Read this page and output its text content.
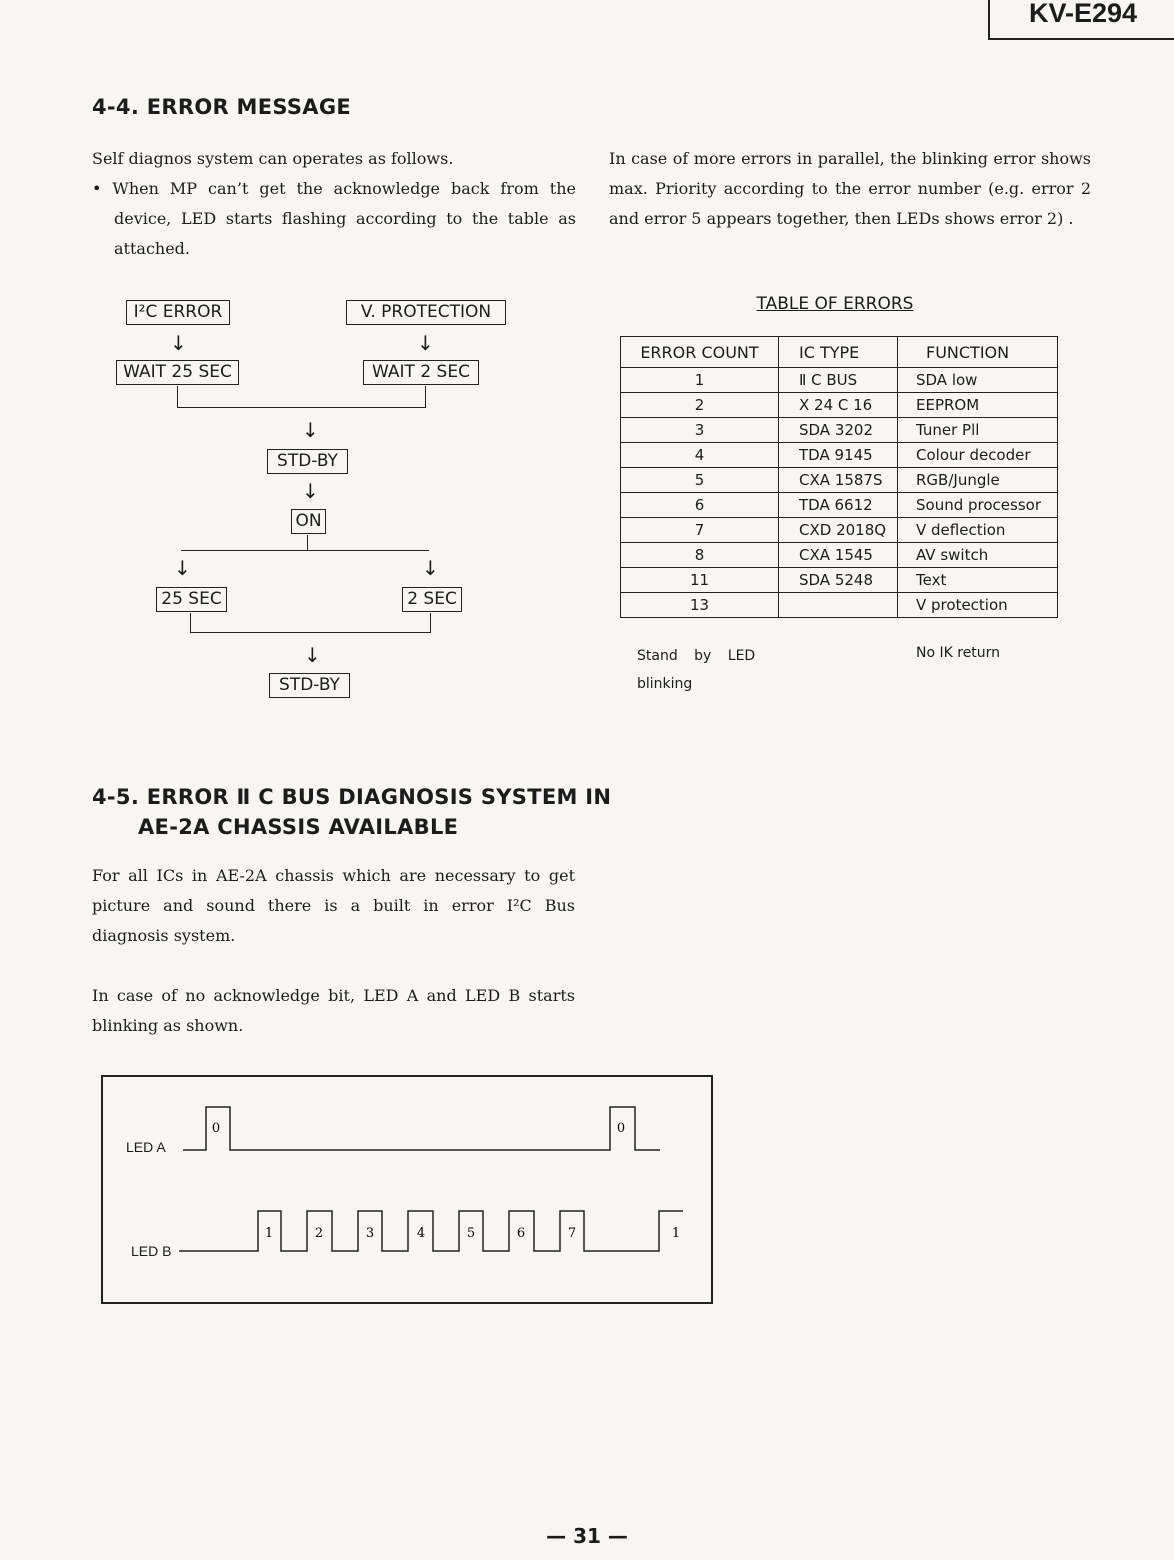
KV-E294
4-4. ERROR MESSAGE

Self diagnos system can operates as follows.

• When MP can’t get the acknowledge back from the device, LED starts flashing according to the table as attached.

In case of more errors in parallel, the blinking error shows max. Priority according to the error number (e.g. error 2 and error 5 appears together, then LEDs shows error 2) .

I²C ERROR	V. PROTECTION
↓	↓
WAIT 25 SEC	WAIT 2 SEC
↓
STD-BY
↓
ON
↓	↓
25 SEC	2 SEC
↓
STD-BY
TABLE OF ERRORS
ERROR COUNT	IC TYPE	FUNCTION
1	Ⅱ C BUS	SDA low
2	X 24 C 16	EEPROM
3	SDA 3202	Tuner Pll
4	TDA 9145	Colour decoder
5	CXA 1587S	RGB/Jungle
6	TDA 6612	Sound processor
7	CXD 2018Q	V deflection
8	CXA 1545	AV switch
11	SDA 5248	Text
13		V protection
Stand by LED blinking
No IK return
4-5. ERROR Ⅱ C BUS DIAGNOSIS SYSTEM IN
AE-2A CHASSIS AVAILABLE

For all ICs in AE-2A chassis which are necessary to get picture and sound there is a built in error I²C Bus diagnosis system.

In case of no acknowledge bit, LED A and LED B starts blinking as shown.

LED A
LED B
0	0
1	2	3	4	5	6	7	1
— 31 —
